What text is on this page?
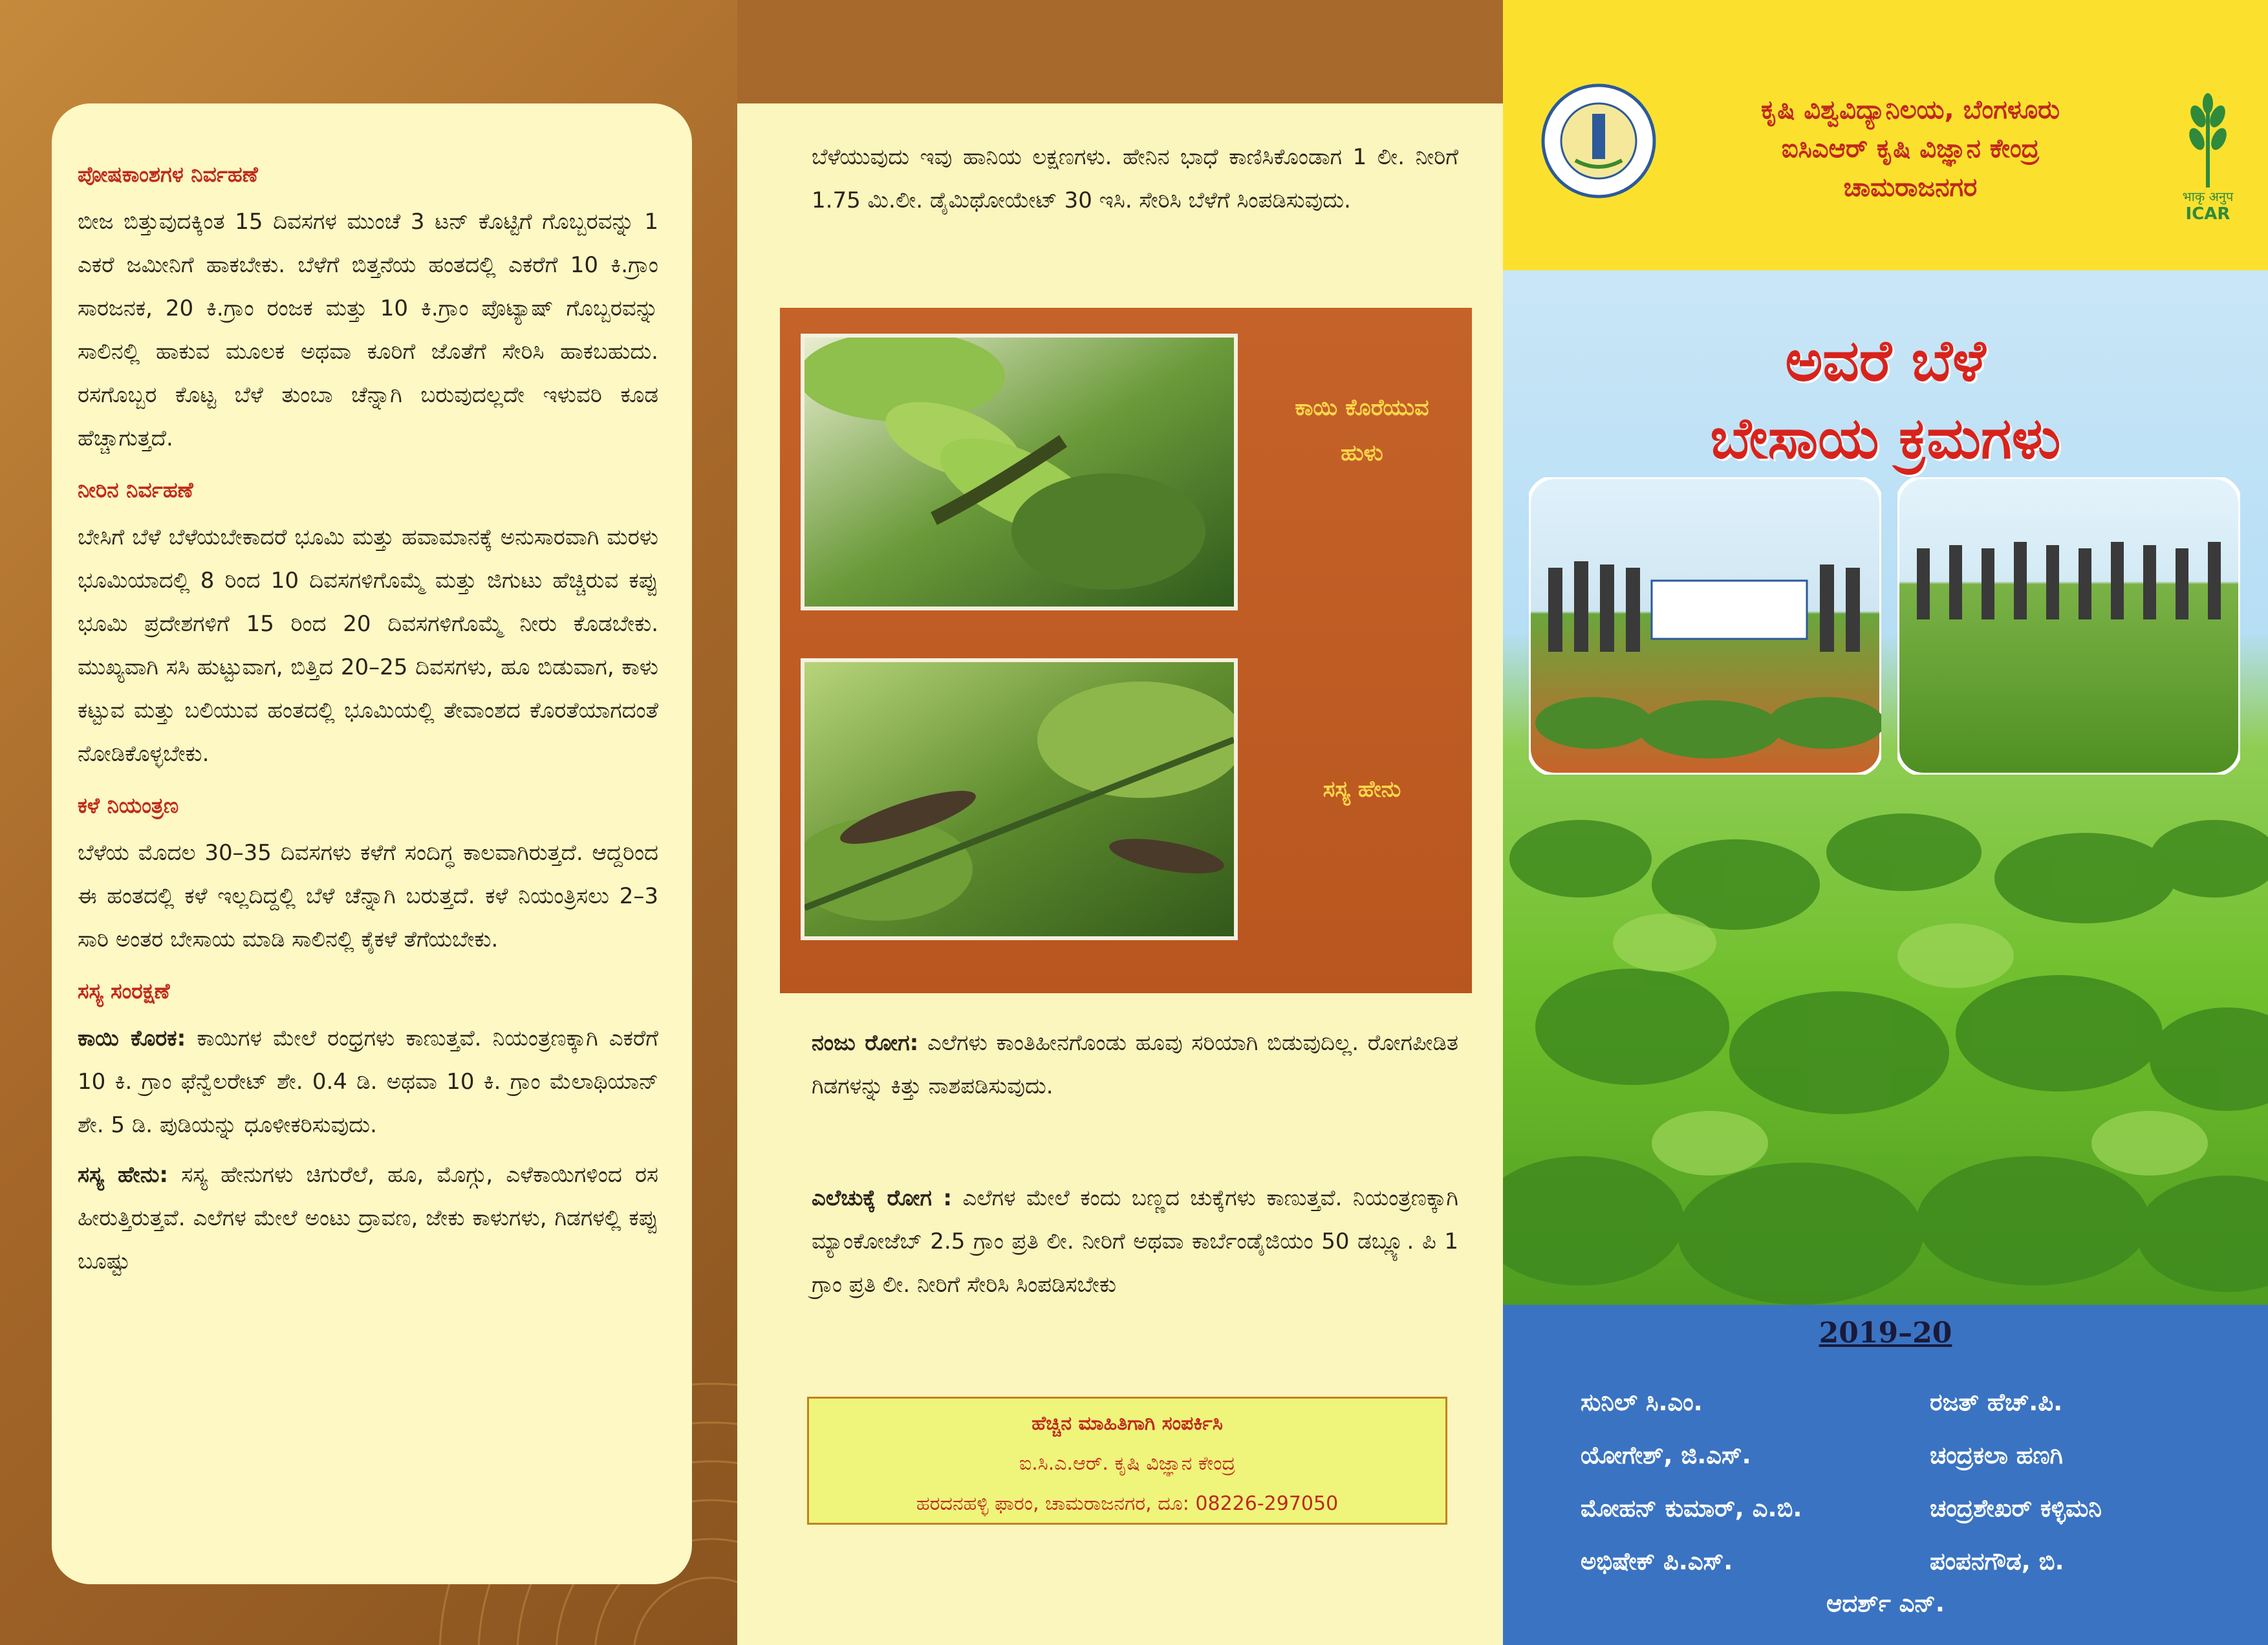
ಪೋಷಕಾಂಶಗಳ ನಿರ್ವಹಣೆ

ಬೀಜ ಬಿತ್ತುವುದಕ್ಕಿಂತ 15 ದಿವಸಗಳ ಮುಂಚೆ 3 ಟನ್ ಕೊಟ್ಟಿಗೆ ಗೊಬ್ಬರವನ್ನು 1 ಎಕರೆ ಜಮೀನಿಗೆ ಹಾಕಬೇಕು. ಬೆಳೆಗೆ ಬಿತ್ತನೆಯ ಹಂತದಲ್ಲಿ ಎಕರೆಗೆ 10 ಕಿ.ಗ್ರಾಂ ಸಾರಜನಕ, 20 ಕಿ.ಗ್ರಾಂ ರಂಜಕ ಮತ್ತು 10 ಕಿ.ಗ್ರಾಂ ಪೊಟ್ಯಾಷ್ ಗೊಬ್ಬರವನ್ನು ಸಾಲಿನಲ್ಲಿ ಹಾಕುವ ಮೂಲಕ ಅಥವಾ ಕೂರಿಗೆ ಜೊತೆಗೆ ಸೇರಿಸಿ ಹಾಕಬಹುದು. ರಸಗೊಬ್ಬರ ಕೊಟ್ಟ ಬೆಳೆ ತುಂಬಾ ಚೆನ್ನಾಗಿ ಬರುವುದಲ್ಲದೇ ಇಳುವರಿ ಕೂಡ ಹೆಚ್ಚಾಗುತ್ತದೆ.

ನೀರಿನ ನಿರ್ವಹಣೆ

ಬೇಸಿಗೆ ಬೆಳೆ ಬೆಳೆಯಬೇಕಾದರೆ ಭೂಮಿ ಮತ್ತು ಹವಾಮಾನಕ್ಕೆ ಅನುಸಾರವಾಗಿ ಮರಳು ಭೂಮಿಯಾದಲ್ಲಿ 8 ರಿಂದ 10 ದಿವಸಗಳಿಗೊಮ್ಮೆ ಮತ್ತು ಜಿಗುಟು ಹೆಚ್ಚಿರುವ ಕಪ್ಪು ಭೂಮಿ ಪ್ರದೇಶಗಳಿಗೆ 15 ರಿಂದ 20 ದಿವಸಗಳಿಗೊಮ್ಮೆ ನೀರು ಕೊಡಬೇಕು. ಮುಖ್ಯವಾಗಿ ಸಸಿ ಹುಟ್ಟುವಾಗ, ಬಿತ್ತಿದ 20–25 ದಿವಸಗಳು, ಹೂ ಬಿಡುವಾಗ, ಕಾಳು ಕಟ್ಟುವ ಮತ್ತು ಬಲಿಯುವ ಹಂತದಲ್ಲಿ ಭೂಮಿಯಲ್ಲಿ ತೇವಾಂಶದ ಕೊರತೆಯಾಗದಂತೆ ನೋಡಿಕೊಳ್ಳಬೇಕು.

ಕಳೆ ನಿಯಂತ್ರಣ

ಬೆಳೆಯ ಮೊದಲ 30–35 ದಿವಸಗಳು ಕಳೆಗೆ ಸಂದಿಗ್ಧ ಕಾಲವಾಗಿರುತ್ತದೆ. ಆದ್ದರಿಂದ ಈ ಹಂತದಲ್ಲಿ ಕಳೆ ಇಲ್ಲದಿದ್ದಲ್ಲಿ ಬೆಳೆ ಚೆನ್ನಾಗಿ ಬರುತ್ತದೆ. ಕಳೆ ನಿಯಂತ್ರಿಸಲು 2–3 ಸಾರಿ ಅಂತರ ಬೇಸಾಯ ಮಾಡಿ ಸಾಲಿನಲ್ಲಿ ಕೈಕಳೆ ತೆಗೆಯಬೇಕು.

ಸಸ್ಯ ಸಂರಕ್ಷಣೆ

ಕಾಯಿ ಕೊರಕ: ಕಾಯಿಗಳ ಮೇಲೆ ರಂಧ್ರಗಳು ಕಾಣುತ್ತವೆ. ನಿಯಂತ್ರಣಕ್ಕಾಗಿ ಎಕರೆಗೆ 10 ಕಿ. ಗ್ರಾಂ ಫೆನ್ವೆಲರೇಟ್ ಶೇ. 0.4 ಡಿ. ಅಥವಾ 10 ಕಿ. ಗ್ರಾಂ ಮೆಲಾಥಿಯಾನ್ ಶೇ. 5 ಡಿ. ಪುಡಿಯನ್ನು ಧೂಳೀಕರಿಸುವುದು.

ಸಸ್ಯ ಹೇನು: ಸಸ್ಯ ಹೇನುಗಳು ಚಿಗುರೆಲೆ, ಹೂ, ಮೊಗ್ಗು, ಎಳೆಕಾಯಿಗಳಿಂದ ರಸ ಹೀರುತ್ತಿರುತ್ತವೆ. ಎಲೆಗಳ ಮೇಲೆ ಅಂಟು ದ್ರಾವಣ, ಜೇಕು ಕಾಳುಗಳು, ಗಿಡಗಳಲ್ಲಿ ಕಪ್ಪು ಬೂಷ್ಟು

ಬೆಳೆಯುವುದು ಇವು ಹಾನಿಯ ಲಕ್ಷಣಗಳು. ಹೇನಿನ ಭಾಧೆ ಕಾಣಿಸಿಕೊಂಡಾಗ 1 ಲೀ. ನೀರಿಗೆ 1.75 ಮಿ.ಲೀ. ಡೈಮಿಥೋಯೇಟ್ 30 ಇಸಿ. ಸೇರಿಸಿ ಬೆಳೆಗೆ ಸಿಂಪಡಿಸುವುದು.

ಕಾಯಿ ಕೊರೆಯುವ ಹುಳು
ಸಸ್ಯ ಹೇನು

ನಂಜು ರೋಗ: ಎಲೆಗಳು ಕಾಂತಿಹೀನಗೊಂಡು ಹೂವು ಸರಿಯಾಗಿ ಬಿಡುವುದಿಲ್ಲ. ರೋಗಪೀಡಿತ ಗಿಡಗಳನ್ನು ಕಿತ್ತು ನಾಶಪಡಿಸುವುದು.

ಎಲೆಚುಕ್ಕೆ ರೋಗ : ಎಲೆಗಳ ಮೇಲೆ ಕಂದು ಬಣ್ಣದ ಚುಕ್ಕೆಗಳು ಕಾಣುತ್ತವೆ. ನಿಯಂತ್ರಣಕ್ಕಾಗಿ ಮ್ಯಾಂಕೋಜೆಬ್ 2.5 ಗ್ರಾಂ ಪ್ರತಿ ಲೀ. ನೀರಿಗೆ ಅಥವಾ ಕಾರ್ಬೆಂಡೈಜಿಯಂ 50 ಡಬ್ಲ್ಯೂ. ಪಿ 1 ಗ್ರಾಂ ಪ್ರತಿ ಲೀ. ನೀರಿಗೆ ಸೇರಿಸಿ ಸಿಂಪಡಿಸಬೇಕು

ಹೆಚ್ಚಿನ ಮಾಹಿತಿಗಾಗಿ ಸಂಪರ್ಕಿಸಿ
ಐ.ಸಿ.ಎ.ಆರ್. ಕೃಷಿ ವಿಜ್ಞಾನ ಕೇಂದ್ರ
ಹರದನಹಳ್ಳಿ ಫಾರಂ, ಚಾಮರಾಜನಗರ, ದೂ: 08226-297050
ಕೃಷಿ ವಿಶ್ವವಿದ್ಯಾನಿಲಯ, ಬೆಂಗಳೂರು
ಐಸಿಎಆರ್ ಕೃಷಿ ವಿಜ್ಞಾನ ಕೇಂದ್ರ
ಚಾಮರಾಜನಗರ	भाकृ अनुप
ICAR
ಅವರೆ ಬೆಳೆ
ಬೇಸಾಯ ಕ್ರಮಗಳು
2019–20
ಸುನಿಲ್ ಸಿ.ಎಂ.
ಯೋಗೇಶ್, ಜಿ.ಎಸ್.
ಮೋಹನ್ ಕುಮಾರ್, ಎ.ಬಿ.
ಅಭಿಷೇಕ್ ಪಿ.ಎಸ್.
ರಜತ್ ಹೆಚ್.ಪಿ.
ಚಂದ್ರಕಲಾ ಹಣಗಿ
ಚಂದ್ರಶೇಖರ್ ಕಳ್ಳಿಮನಿ
ಪಂಪನಗೌಡ, ಬಿ.
ಆದರ್ಶ್ ಎನ್.
